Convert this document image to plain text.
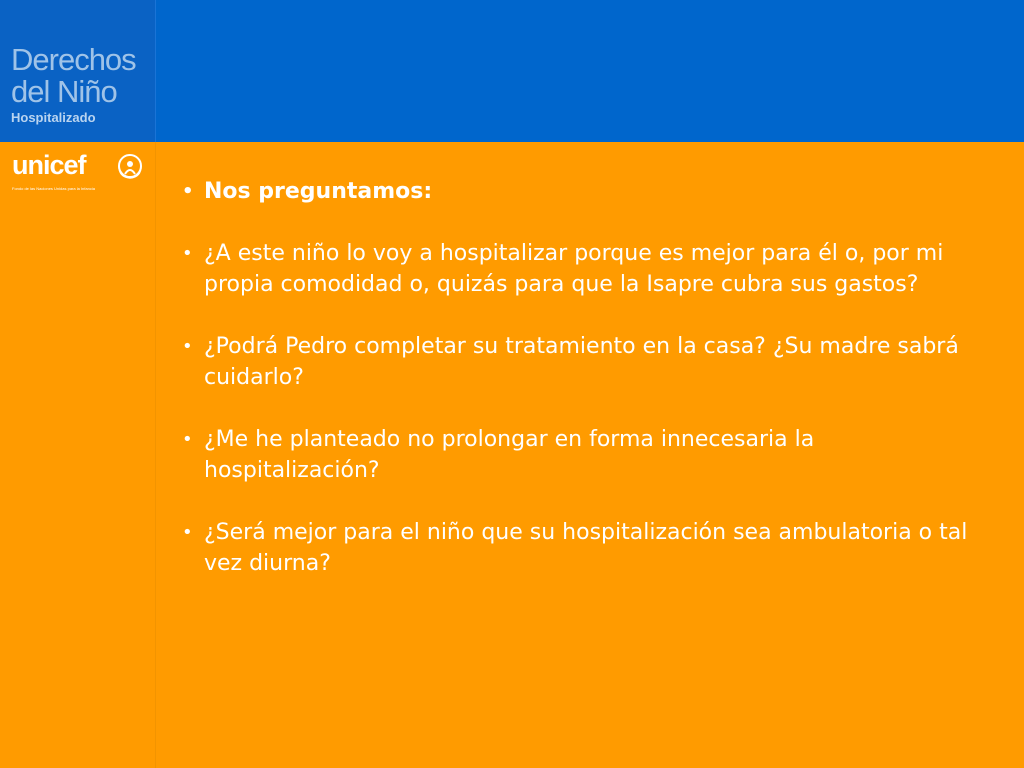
Derechos
del Niño
Hospitalizado
unicef
Fondo de las Naciones Unidas para la Infancia	• Nos preguntamos:

• ¿A este niño lo voy a hospitalizar porque es mejor para él o, por mi propia comodidad o, quizás para que la Isapre cubra sus gastos?

• ¿Podrá Pedro completar su tratamiento en la casa? ¿Su madre sabrá cuidarlo?

• ¿Me he planteado no prolongar en forma innecesaria la hospitalización?

• ¿Será mejor para el niño que su hospitalización sea ambulatoria o tal vez diurna?
